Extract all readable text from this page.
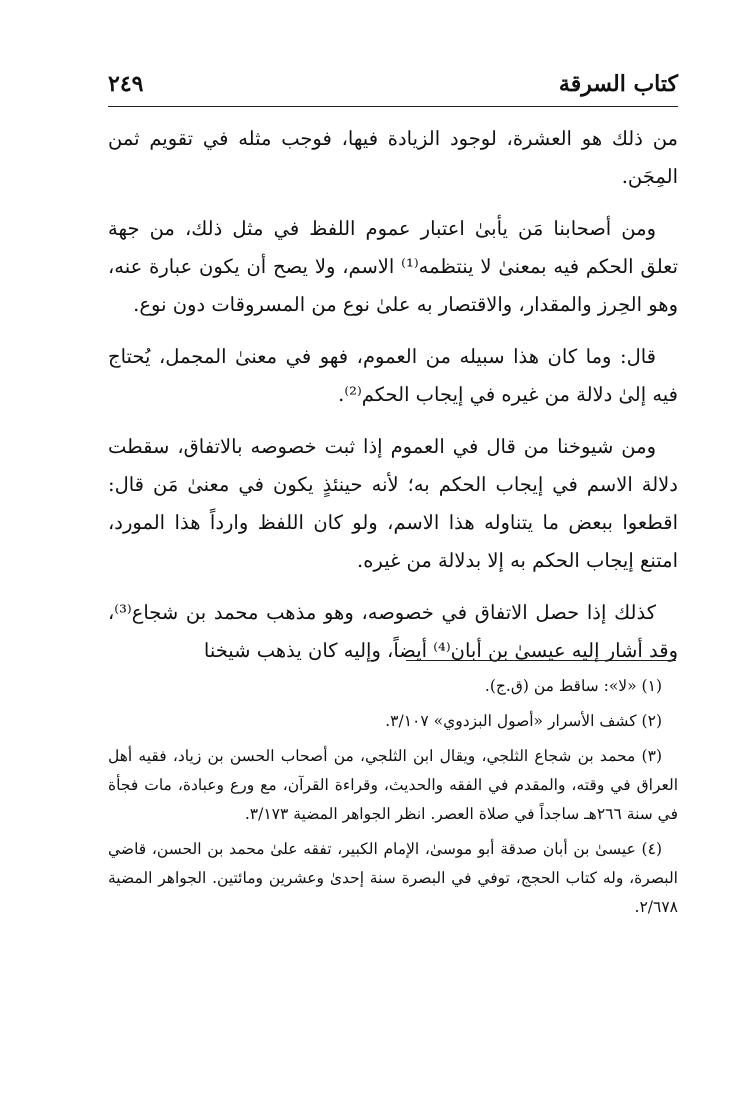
كتاب السرقة
٢٤٩

من ذلك هو العشرة، لوجود الزيادة فيها، فوجب مثله في تقويم ثمن المِجَن.

ومن أصحابنا مَن يأبىٰ اعتبار عموم اللفظ في مثل ذلك، من جهة تعلق الحكم فيه بمعنىٰ لا ينتظمه⁽¹⁾ الاسم، ولا يصح أن يكون عبارة عنه، وهو الحِرز والمقدار، والاقتصار به علىٰ نوع من المسروقات دون نوع.

قال: وما كان هذا سبيله من العموم، فهو في معنىٰ المجمل، يُحتاج فيه إلىٰ دلالة من غيره في إيجاب الحكم⁽²⁾.

ومن شيوخنا من قال في العموم إذا ثبت خصوصه بالاتفاق، سقطت دلالة الاسم في إيجاب الحكم به؛ لأنه حينئذٍ يكون في معنىٰ مَن قال: اقطعوا ببعض ما يتناوله هذا الاسم، ولو كان اللفظ وارداً هذا المورد، امتنع إيجاب الحكم به إلا بدلالة من غيره.

كذلك إذا حصل الاتفاق في خصوصه، وهو مذهب محمد بن شجاع⁽³⁾، وقد أشار إليه عيسىٰ بن أبان⁽⁴⁾ أيضاً، وإليه كان يذهب شيخنا

(١) «لا»: ساقط من (ق.ج).

(٢) كشف الأسرار «أصول البزدوي» ٣/١٠٧.

(٣) محمد بن شجاع الثلجي، ويقال ابن الثلجي، من أصحاب الحسن بن زياد، فقيه أهل العراق في وقته، والمقدم في الفقه والحديث، وقراءة القرآن، مع ورع وعبادة، مات فجأة في سنة ٢٦٦هـ ساجداً في صلاة العصر. انظر الجواهر المضية ٣/١٧٣.

(٤) عيسىٰ بن أبان صدقة أبو موسىٰ، الإمام الكبير، تفقه علىٰ محمد بن الحسن، قاضي البصرة، وله كتاب الحجج، توفي في البصرة سنة إحدىٰ وعشرين ومائتين. الجواهر المضية ٢/٦٧٨.
